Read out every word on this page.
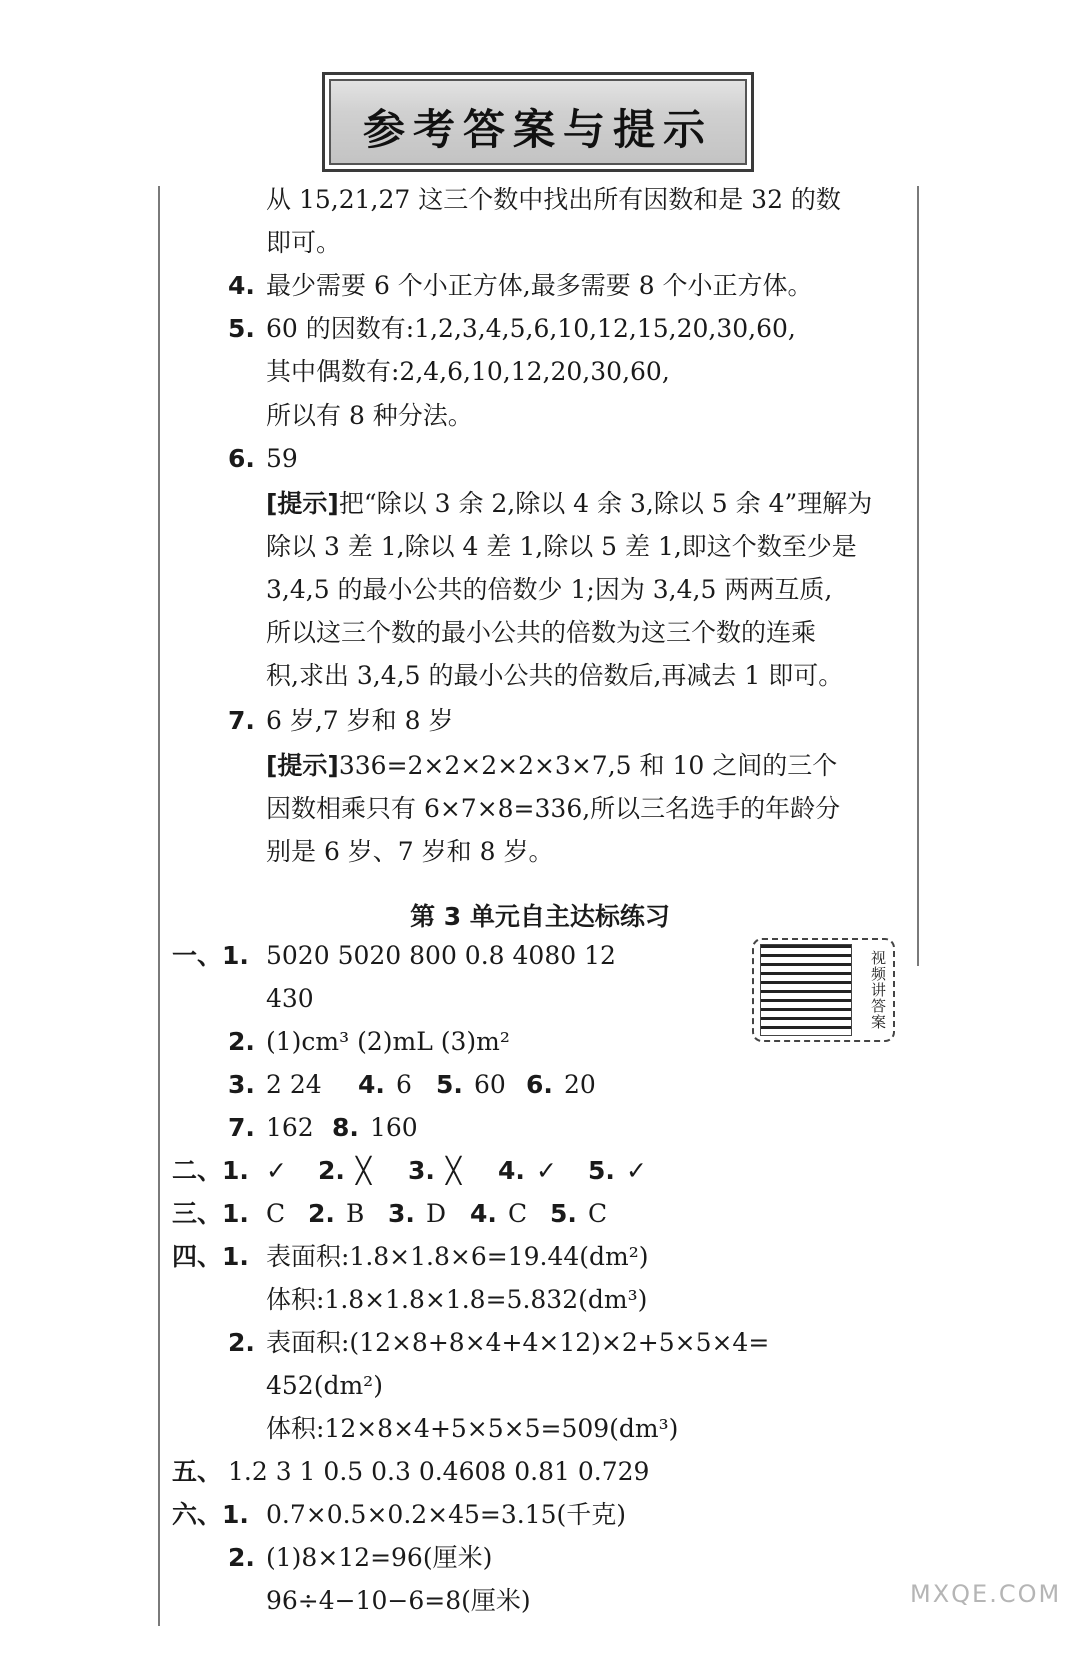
参考答案与提示
从 15,21,27 这三个数中找出所有因数和是 32 的数
即可。
4. 最少需要 6 个小正方体,最多需要 8 个小正方体。
5. 60 的因数有:1,2,3,4,5,6,10,12,15,20,30,60,
其中偶数有:2,4,6,10,12,20,30,60,
所以有 8 种分法。
6. 59
[提示]把“除以 3 余 2,除以 4 余 3,除以 5 余 4”理解为
除以 3 差 1,除以 4 差 1,除以 5 差 1,即这个数至少是
3,4,5 的最小公共的倍数少 1;因为 3,4,5 两两互质,
所以这三个数的最小公共的倍数为这三个数的连乘
积,求出 3,4,5 的最小公共的倍数后,再减去 1 即可。
7. 6 岁,7 岁和 8 岁
[提示]336=2×2×2×2×3×7,5 和 10 之间的三个
因数相乘只有 6×7×8=336,所以三名选手的年龄分
别是 6 岁、7 岁和 8 岁。
第 3 单元自主达标练习
一、1. 5020 5020 800 0.8 4080 12
430	视频讲答案
2. (1)cm³ (2)mL (3)m²
3. 2 24 4. 6 5. 60 6. 20
7. 162 8. 160
二、1. ✓ 2. ╳ 3. ╳ 4. ✓ 5. ✓
三、1. C 2. B 3. D 4. C 5. C
四、1. 表面积:1.8×1.8×6=19.44(dm²)
体积:1.8×1.8×1.8=5.832(dm³)
2. 表面积:(12×8+8×4+4×12)×2+5×5×4=
452(dm²)
体积:12×8×4+5×5×5=509(dm³)
五、 1.2 3 1 0.5 0.3 0.4608 0.81 0.729
六、1. 0.7×0.5×0.2×45=3.15(千克)
2. (1)8×12=96(厘米)
96÷4−10−6=8(厘米)	MXQE.COM
